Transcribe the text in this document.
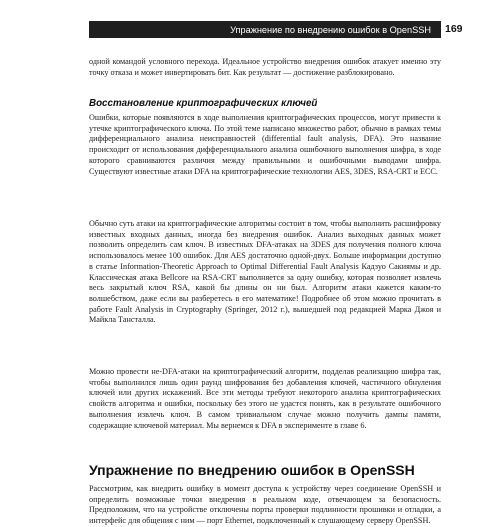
Упражнение по внедрению ошибок в OpenSSH 169

одной командой условного перехода. Идеальное устройство внедрения ошибок атакует именно эту точку отказа и может инвертировать бит. Как результат — достижение разблокировано.

Восстановление криптографических ключей

Ошибки, которые появляются в ходе выполнения криптографических процессов, могут привести к утечке криптографического ключа. По этой теме написано множество работ, обычно в рамках темы дифференциального анализа неисправностей (differential fault analysis, DFA). Это название происходит от использования дифференциального анализа ошибочного выполнения шифра, в ходе которого сравниваются различия между правильными и ошибочными выводами шифра. Существуют известные атаки DFA на криптографические технологии AES, 3DES, RSA-CRT и ECC.

Обычно суть атаки на криптографические алгоритмы состоит в том, чтобы выполнить расшифровку известных входных данных, иногда без внедрения ошибок. Анализ выходных данных может позволить определить сам ключ. В известных DFA-атаках на 3DES для получения полного ключа использовалось менее 100 ошибок. Для AES достаточно одной-двух. Больше информации доступно в статье Information-Theoretic Approach to Optimal Differential Fault Analysis Кадзуо Сакиямы и др. Классическая атака Bellcore на RSA-CRT выполняется за одну ошибку, которая позволяет извлечь весь закрытый ключ RSA, какой бы длины он ни был. Алгоритм атаки кажется каким-то волшебством, даже если вы разберетесь в его математике! Подробнее об этом можно прочитать в работе Fault Analysis in Cryptography (Springer, 2012 г.), вышедшей под редакцией Марка Джоя и Майкла Тансталла.

Можно провести не-DFA-атаки на криптографический алгоритм, подделав реализацию шифра так, чтобы выполнился лишь один раунд шифрования без добавления ключей, частичного обнуления ключей или других искажений. Все эти методы требуют некоторого анализа криптографических свойств алгоритма и ошибки, поскольку без этого не удастся понять, как в результате ошибочного выполнения извлечь ключ. В самом тривиальном случае можно получить дампы памяти, содержащие ключевой материал. Мы вернемся к DFA в эксперименте в главе 6.

Упражнение по внедрению ошибок в OpenSSH

Рассмотрим, как внедрить ошибку в момент доступа к устройству через соединение OpenSSH и определить возможные точки внедрения в реальном коде, отвечающем за безопасность. Предположим, что на устройстве отключены порты проверки подлинности прошивки и отладки, а интерфейс для общения с ним — порт Ethernet, подключенный к слушающему серверу OpenSSH.
